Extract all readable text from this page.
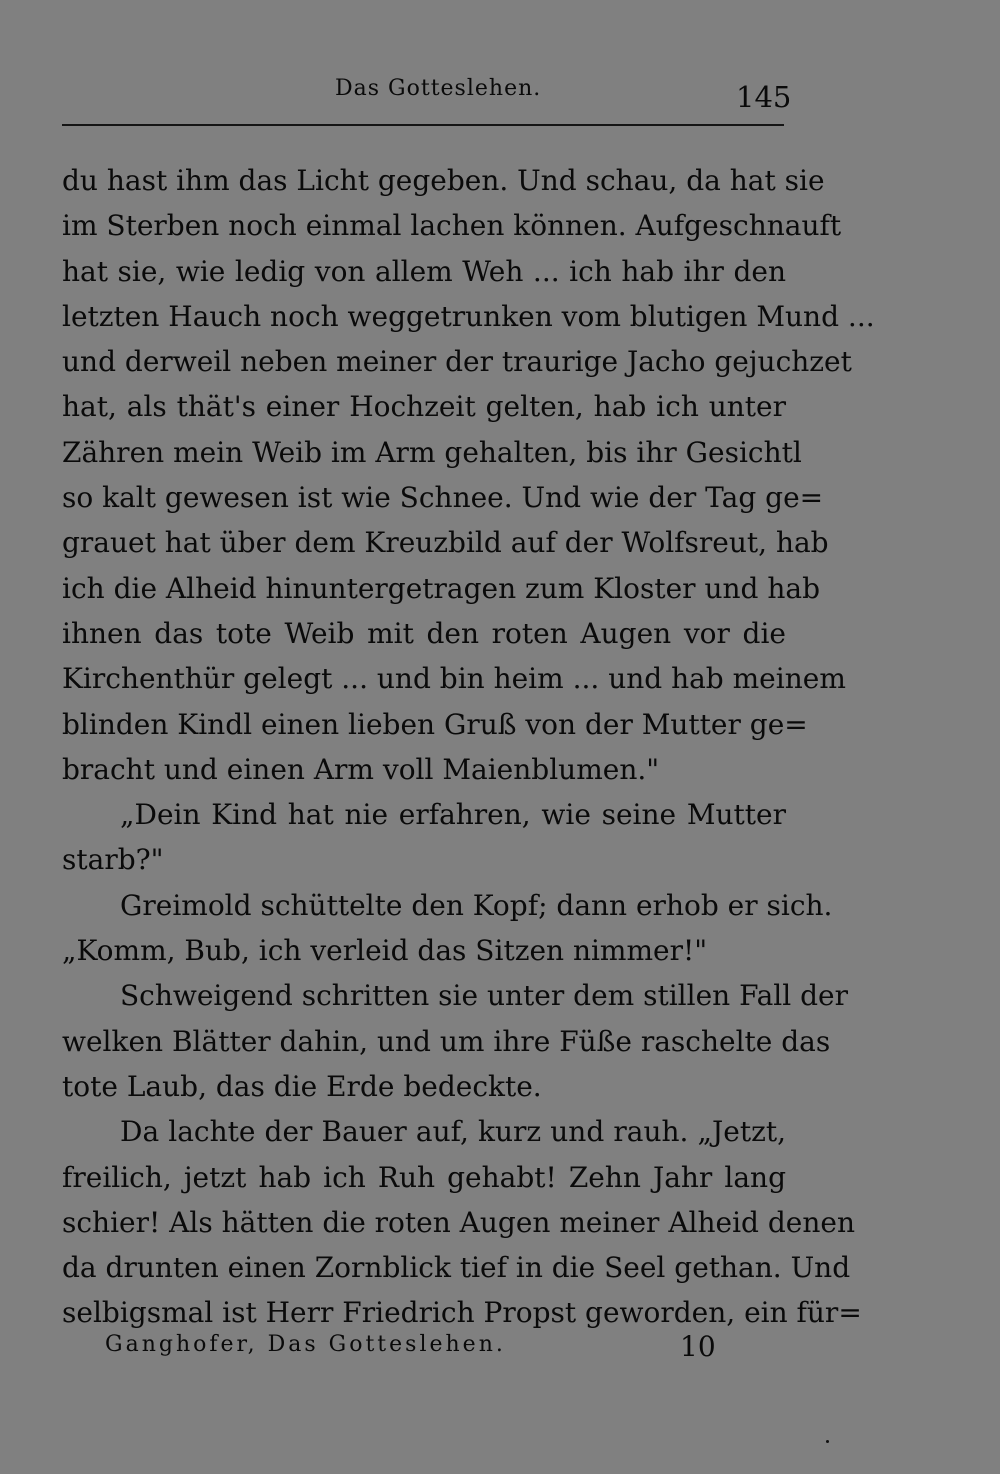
Das Gotteslehen.	145
du hast ihm das Licht gegeben. Und schau, da hat sie
im Sterben noch einmal lachen können. Aufgeschnauft
hat sie, wie ledig von allem Weh ... ich hab ihr den
letzten Hauch noch weggetrunken vom blutigen Mund ...
und derweil neben meiner der traurige Jacho gejuchzet
hat, als thät's einer Hochzeit gelten, hab ich unter
Zähren mein Weib im Arm gehalten, bis ihr Gesichtl
so kalt gewesen ist wie Schnee. Und wie der Tag ge=
grauet hat über dem Kreuzbild auf der Wolfsreut, hab
ich die Alheid hinuntergetragen zum Kloster und hab
ihnen das tote Weib mit den roten Augen vor die
Kirchenthür gelegt ... und bin heim ... und hab meinem
blinden Kindl einen lieben Gruß von der Mutter ge=
bracht und einen Arm voll Maienblumen."
„Dein Kind hat nie erfahren, wie seine Mutter
starb?"
Greimold schüttelte den Kopf; dann erhob er sich.
„Komm, Bub, ich verleid das Sitzen nimmer!"
Schweigend schritten sie unter dem stillen Fall der
welken Blätter dahin, und um ihre Füße raschelte das
tote Laub, das die Erde bedeckte.
Da lachte der Bauer auf, kurz und rauh. „Jetzt,
freilich, jetzt hab ich Ruh gehabt! Zehn Jahr lang
schier! Als hätten die roten Augen meiner Alheid denen
da drunten einen Zornblick tief in die Seel gethan. Und
selbigsmal ist Herr Friedrich Propst geworden, ein für=
Ganghofer, Das Gotteslehen.	10
